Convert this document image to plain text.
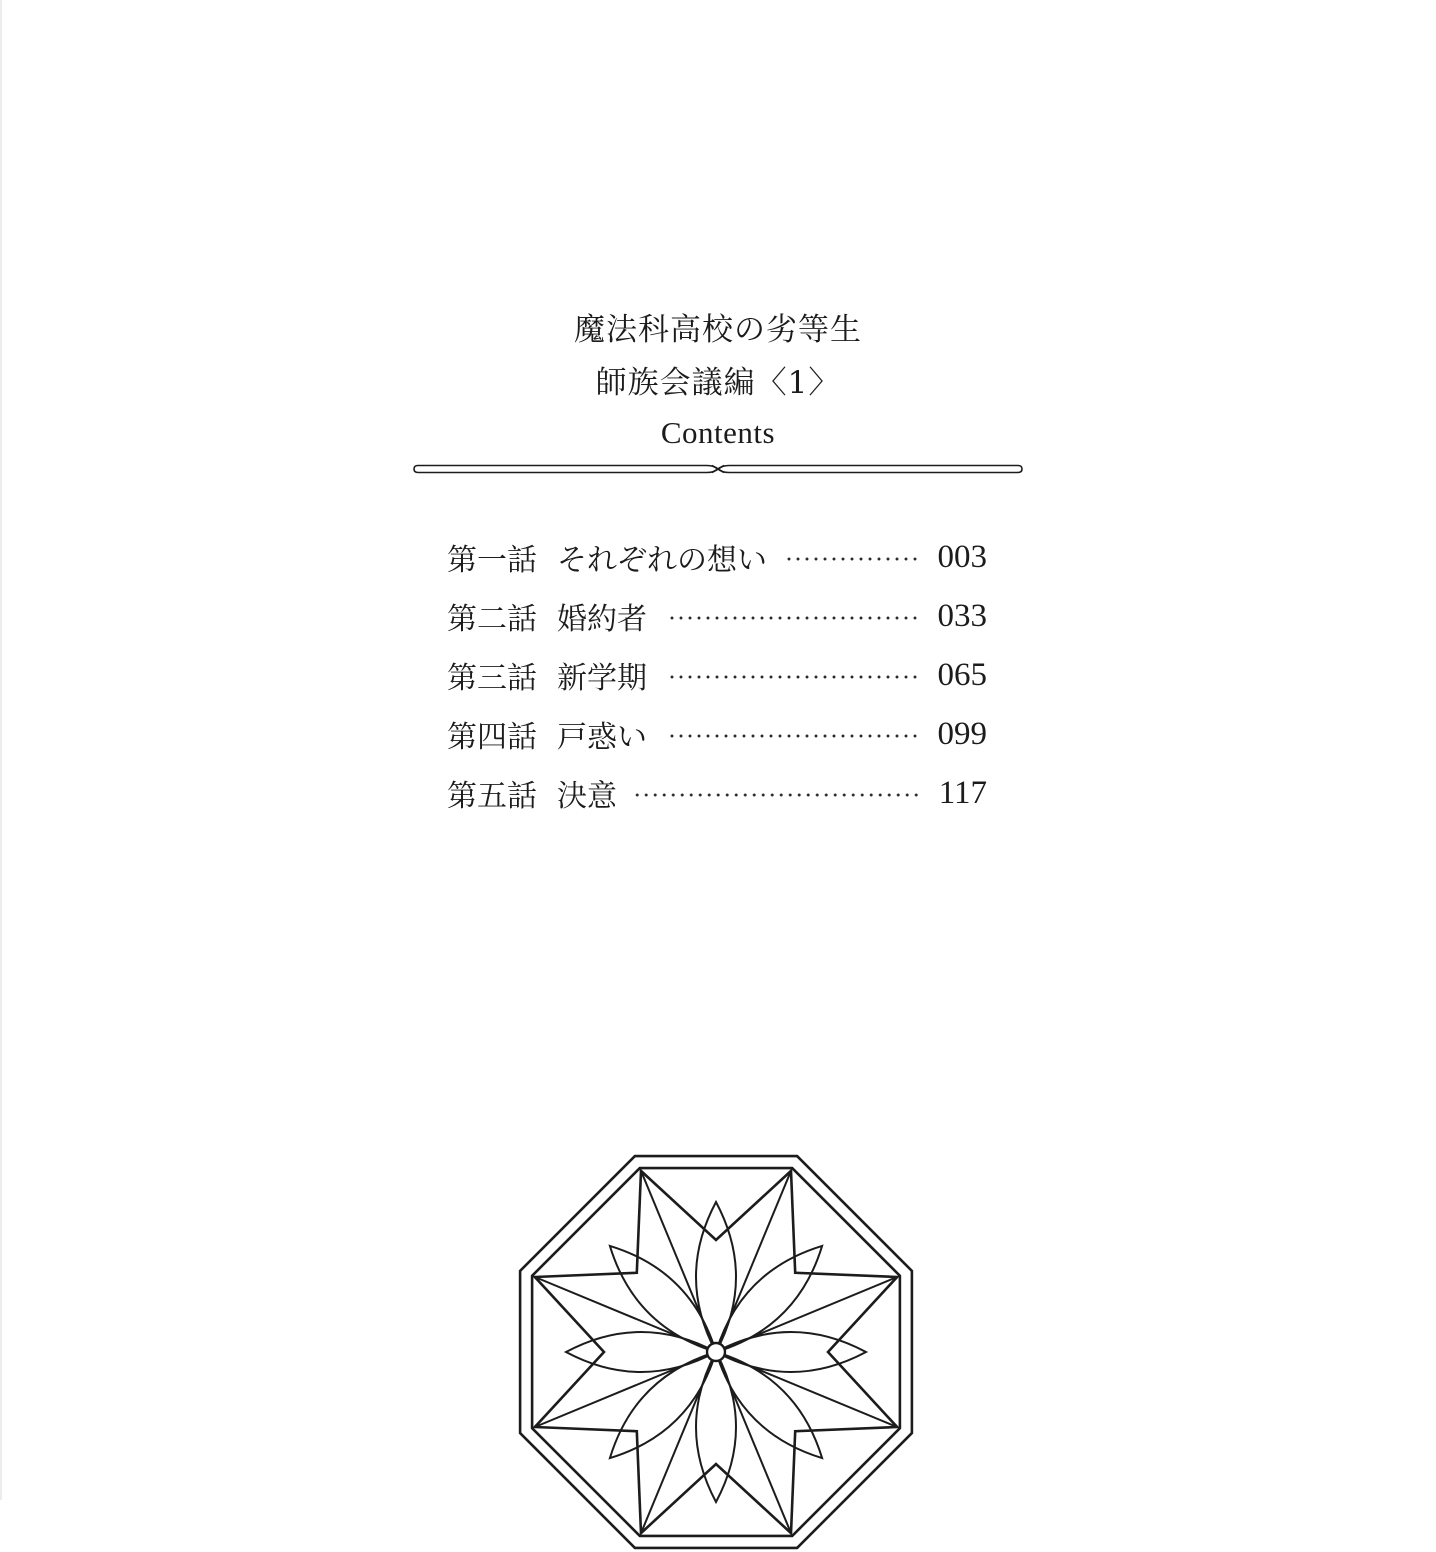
魔法科高校の劣等生
師族会議編〈1〉
Contents
第一話 それぞれの想い	003
第二話 婚約者	033
第三話 新学期	065
第四話 戸惑い	099
第五話 決意	117
